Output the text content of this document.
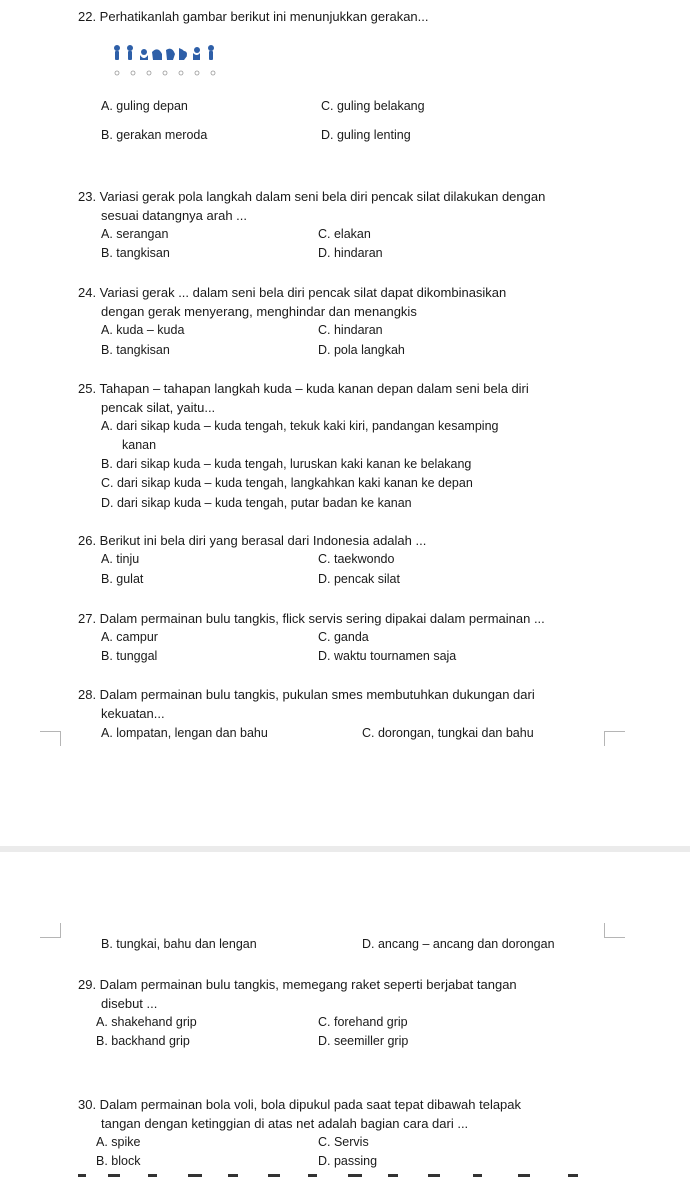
22. Perhatikanlah gambar berikut ini menunjukkan gerakan...
A. guling depan	C. guling belakang
B. gerakan meroda	D. guling lenting
23. Variasi gerak pola langkah dalam seni bela diri pencak silat dilakukan dengan
sesuai datangnya arah ...
A. serangan	C. elakan
B. tangkisan	D. hindaran
24. Variasi gerak ... dalam seni bela diri pencak silat dapat dikombinasikan
dengan gerak menyerang, menghindar dan menangkis
A. kuda – kuda	C. hindaran
B. tangkisan	D. pola langkah
25. Tahapan – tahapan langkah kuda – kuda kanan depan dalam seni bela diri
pencak silat, yaitu...
A. dari sikap kuda – kuda tengah, tekuk kaki kiri, pandangan kesamping
kanan
B. dari sikap kuda – kuda tengah, luruskan kaki kanan ke belakang
C. dari sikap kuda – kuda tengah, langkahkan kaki kanan ke depan
D. dari sikap kuda – kuda tengah, putar badan ke kanan
26. Berikut ini bela diri yang berasal dari Indonesia adalah ...
A. tinju	C. taekwondo
B. gulat	D. pencak silat
27. Dalam permainan bulu tangkis, flick servis sering dipakai dalam permainan ...
A. campur	C. ganda
B. tunggal	D. waktu tournamen saja
28. Dalam permainan bulu tangkis, pukulan smes membutuhkan dukungan dari
kekuatan...
A. lompatan, lengan dan bahu	C. dorongan, tungkai dan bahu
B. tungkai, bahu dan lengan	D. ancang – ancang dan dorongan
29. Dalam permainan bulu tangkis, memegang raket seperti berjabat tangan
disebut ...
A. shakehand grip	C. forehand grip
B. backhand grip	D. seemiller grip
30. Dalam permainan bola voli, bola dipukul pada saat tepat dibawah telapak
tangan dengan ketinggian di atas net adalah bagian cara dari ...
A. spike	C. Servis
B. block	D. passing
